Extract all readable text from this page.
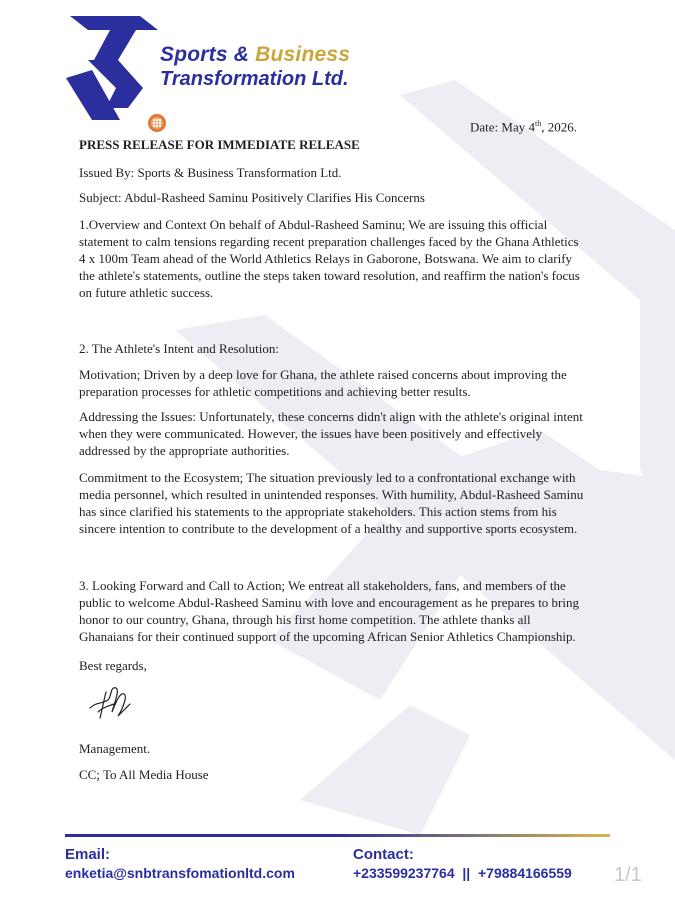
Sports & Business
Transformation Ltd.
Date: May 4th, 2026.

PRESS RELEASE FOR IMMEDIATE RELEASE

Issued By: Sports & Business Transformation Ltd.

Subject: Abdul-Rasheed Saminu Positively Clarifies His Concerns

1.Overview and Context On behalf of Abdul-Rasheed Saminu; We are issuing this official statement to calm tensions regarding recent preparation challenges faced by the Ghana Athletics 4 x 100m Team ahead of the World Athletics Relays in Gaborone, Botswana. We aim to clarify the athlete's statements, outline the steps taken toward resolution, and reaffirm the nation's focus on future athletic success.

2. The Athlete's Intent and Resolution:

Motivation; Driven by a deep love for Ghana, the athlete raised concerns about improving the preparation processes for athletic competitions and achieving better results.

Addressing the Issues: Unfortunately, these concerns didn't align with the athlete's original intent when they were communicated. However, the issues have been positively and effectively addressed by the appropriate authorities.

Commitment to the Ecosystem; The situation previously led to a confrontational exchange with media personnel, which resulted in unintended responses. With humility, Abdul-Rasheed Saminu has since clarified his statements to the appropriate stakeholders. This action stems from his sincere intention to contribute to the development of a healthy and supportive sports ecosystem.

3. Looking Forward and Call to Action; We entreat all stakeholders, fans, and members of the public to welcome Abdul-Rasheed Saminu with love and encouragement as he prepares to bring honor to our country, Ghana, through his first home competition. The athlete thanks all Ghanaians for their continued support of the upcoming African Senior Athletics Championship.

Best regards,

Management.

CC; To All Media House

Email:
enketia@snbtransfomationltd.com
Contact:
+233599237764  ||  +79884166559 1/1
